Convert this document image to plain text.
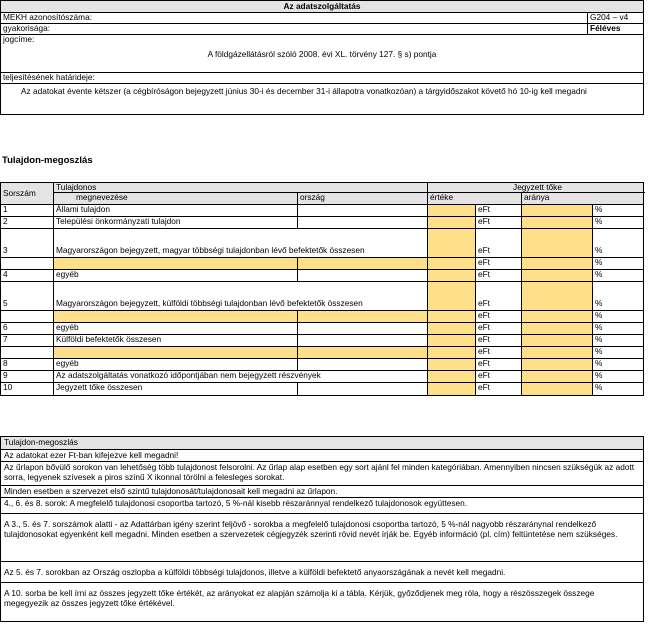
Az adatszolgáltatás
MEKH azonosítószáma:	G204 – v4
gyakorisága:	Féléves
jogcíme:
A földgázellátásról szóló 2008. évi XL. törvény 127. § s) pontja
teljesítésének határideje:
Az adatokat évente kétszer (a cégbíróságon bejegyzett június 30-i és december 31-i állapotra vonatkozóan) a tárgyidőszakot követő hó 10-ig kell megadni
Tulajdon-megoszlás
Sorszám
Tulajdonos	Jegyzett tőke
megnevezése	ország	értéke	aránya
1	Állami tulajdon	eFt	%
2	Települési önkormányzati tulajdon	eFt	%
3	Magyarországon bejegyzett, magyar többségi tulajdonban lévő befektetők összesen	eFt	%
eFt	%
4	egyéb	eFt	%
5	Magyarországon bejegyzett, külföldi többségi tulajdonban lévő befektetők összesen	eFt	%
eFt	%
6	egyéb	eFt	%
7	Külföldi befektetők összesen	eFt	%
eFt	%
8	egyéb	eFt	%
9	Az adatszolgáltatás vonatkozó időpontjában nem bejegyzett részvények	eFt	%
10	Jegyzett tőke összesen	eFt	%
Tulajdon-megoszlás
Az adatokat ezer Ft-ban kifejezve kell megadni!
Az űrlapon bővülő sorokon van lehetőség több tulajdonost felsorolni. Az űrlap alap esetben egy sort ajánl fel minden kategóriában. Amennyiben nincsen szükségük az adott sorra, legyenek szívesek a piros színű X ikonnal törölni a felesleges sorokat.
Minden esetben a szervezet első szintű tulajdonosát/tulajdonosait kell megadni az űrlapon.
4., 6. és 8. sorok: A megfelelő tulajdonosi csoportba tartozó, 5 %-nál kisebb részaránnyal rendelkező tulajdonosok együttesen.
A 3., 5. és 7. sorszámok alatti - az Adattárban igény szerint feljövő - sorokba a megfelelő tulajdonosi csoportba tartozó, 5 %-nál nagyobb részaránynal rendelkező tulajdonosokat egyenként kell megadni. Minden esetben a szervezetek cégjegyzék szerinti rövid nevét írják be. Egyéb információ (pl. cím) feltüntetése nem szükséges.
Az 5. és 7. sorokban az Ország oszlopba a külföldi többségi tulajdonos, illetve a külföldi befektető anyaországának a nevét kell megadni.
A 10. sorba be kell írni az összes jegyzett tőke értékét, az arányokat ez alapján számolja ki a tábla. Kérjük, győződjenek meg róla, hogy a részösszegek összege megegyezik az összes jegyzett tőke értékével.
